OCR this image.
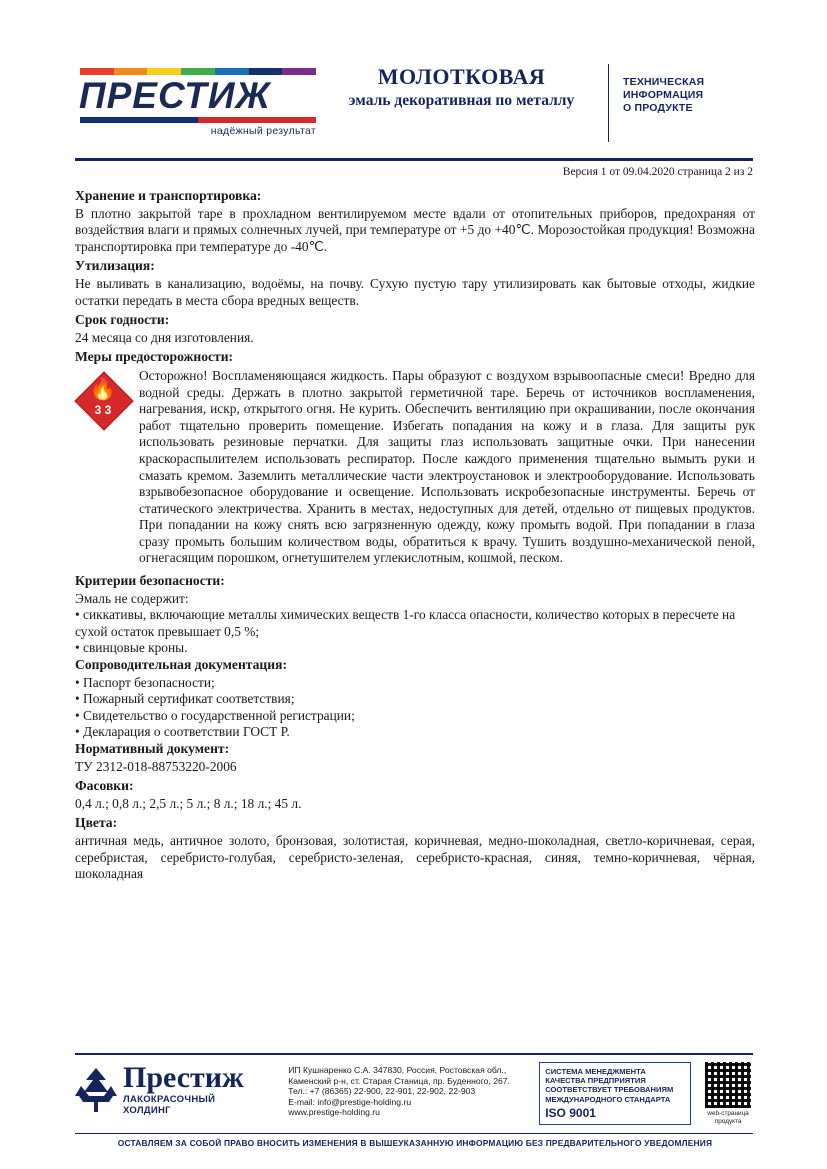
ПРЕСТИЖ
надёжный результат
МОЛОТКОВАЯ
эмаль декоративная по металлу
ТЕХНИЧЕСКАЯ
ИНФОРМАЦИЯ
О ПРОДУКТЕ
Версия 1 от 09.04.2020 страница 2 из 2
Хранение и транспортировка:

В плотно закрытой таре в прохладном вентилируемом месте вдали от отопительных приборов, предохраняя от воздействия влаги и прямых солнечных лучей, при температуре от +5 до +40℃. Морозостойкая продукция! Возможна транспортировка при температуре до -40℃.

Утилизация:

Не выливать в канализацию, водоёмы, на почву. Сухую пустую тару утилизировать как бытовые отходы, жидкие остатки передать в места сбора вредных веществ.

Срок годности:

24 месяца со дня изготовления.

Меры предосторожности:
🔥
3 3
Осторожно! Воспламеняющаяся жидкость. Пары образуют с воздухом взрывоопасные смеси! Вредно для водной среды. Держать в плотно закрытой герметичной таре. Беречь от источников воспламенения, нагревания, искр, открытого огня. Не курить. Обеспечить вентиляцию при окрашивании, после окончания работ тщательно проверить помещение. Избегать попадания на кожу и в глаза. Для защиты рук использовать резиновые перчатки. Для защиты глаз использовать защитные очки. При нанесении краскораспылителем использовать респиратор. После каждого применения тщательно вымыть руки и смазать кремом. Заземлить металлические части электроустановок и электрооборудование. Использовать взрывобезопасное оборудование и освещение. Использовать искробезопасные инструменты. Беречь от статического электричества. Хранить в местах, недоступных для детей, отдельно от пищевых продуктов. При попадании на кожу снять всю загрязненную одежду, кожу промыть водой. При попадании в глаза сразу промыть большим количеством воды, обратиться к врачу. Тушить воздушно-механической пеной, огнегасящим порошком, огнетушителем углекислотным, кошмой, песком.
Критерии безопасности:

Эмаль не содержит:

• сиккативы, включающие металлы химических веществ 1-го класса опасности, количество которых в пересчете на сухой остаток превышает 0,5 %;
• свинцовые кроны.
Сопроводительная документация:
• Паспорт безопасности;
• Пожарный сертификат соответствия;
• Свидетельство о государственной регистрации;
• Декларация о соответствии ГОСТ Р.
Нормативный документ:

ТУ 2312-018-88753220-2006

Фасовки:

0,4 л.; 0,8 л.; 2,5 л.; 5 л.; 8 л.; 18 л.; 45 л.

Цвета:

античная медь, античное золото, бронзовая, золотистая, коричневая, медно-шоколадная, светло-коричневая, серая, серебристая, серебристо-голубая, серебристо-зеленая, серебристо-красная, синяя, темно-коричневая, чёрная, шоколадная

Престиж
ЛАКОКРАСОЧНЫЙ
ХОЛДИНГ
ИП Кушнаренко С.А. 347830, Россия, Ростовская обл.,
Каменский р-н, ст. Старая Станица, пр. Буденного, 267.
Тел.: +7 (86365) 22-900, 22-901, 22-902, 22-903
E-mail: info@prestige-holding.ru
www.prestige-holding.ru
СИСТЕМА МЕНЕДЖМЕНТА
КАЧЕСТВА ПРЕДПРИЯТИЯ
СООТВЕТСТВУЕТ ТРЕБОВАНИЯМ
МЕЖДУНАРОДНОГО СТАНДАРТА
ISO 9001	web-страница продукта
ОСТАВЛЯЕМ ЗА СОБОЙ ПРАВО ВНОСИТЬ ИЗМЕНЕНИЯ В ВЫШЕУКАЗАННУЮ ИНФОРМАЦИЮ БЕЗ ПРЕДВАРИТЕЛЬНОГО УВЕДОМЛЕНИЯ
